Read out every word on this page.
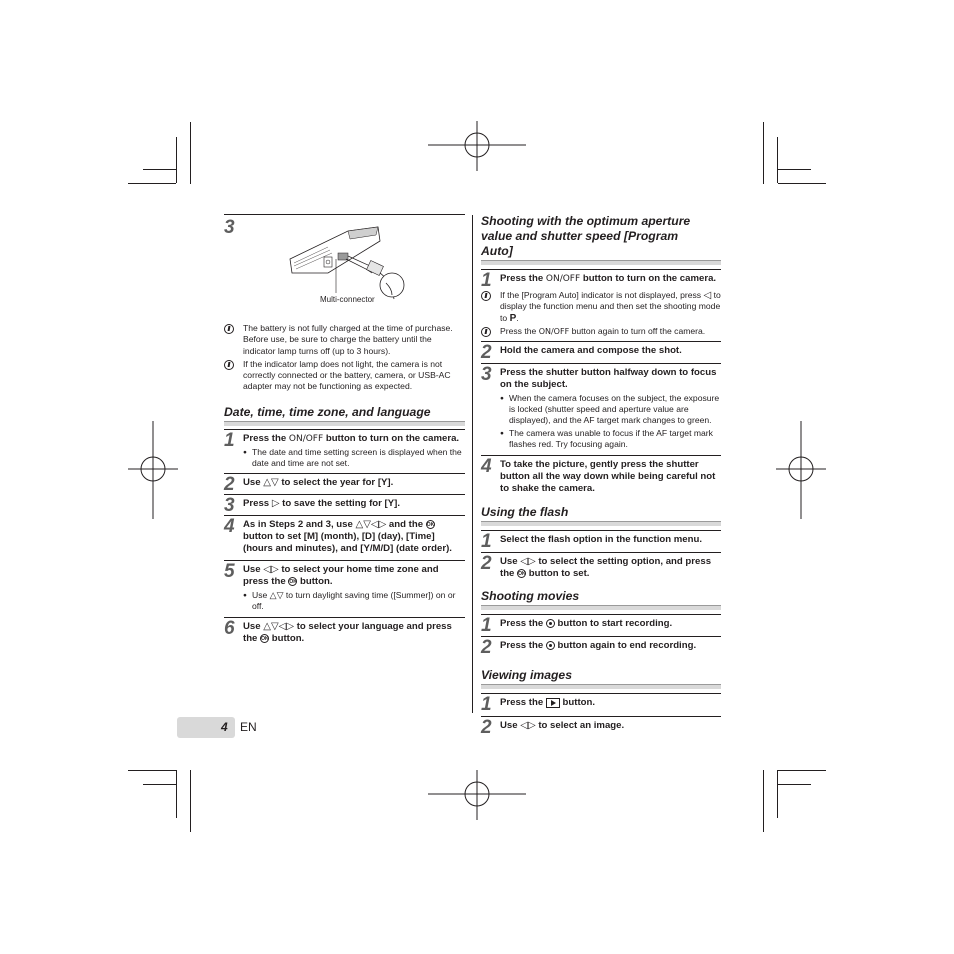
3
Multi-connector
The battery is not fully charged at the time of purchase. Before use, be sure to charge the battery until the indicator lamp turns off (up to 3 hours).
If the indicator lamp does not light, the camera is not correctly connected or the battery, camera, or USB-AC adapter may not be functioning as expected.
Date, time, time zone, and language
1 Press the ON/OFF button to turn on the camera.
● The date and time setting screen is displayed when the date and time are not set.
2 Use △▽ to select the year for [Y].
3 Press ▷ to save the setting for [Y].
4 As in Steps 2 and 3, use △▽◁▷ and the OK button to set [M] (month), [D] (day), [Time] (hours and minutes), and [Y/M/D] (date order).
5 Use ◁▷ to select your home time zone and press the OK button.
● Use △▽ to turn daylight saving time ([Summer]) on or off.
6 Use △▽◁▷ to select your language and press the OK button.
Shooting with the optimum aperture value and shutter speed [Program Auto]
1 Press the ON/OFF button to turn on the camera.
If the [Program Auto] indicator is not displayed, press ◁ to display the function menu and then set the shooting mode to P.
Press the ON/OFF button again to turn off the camera.
2 Hold the camera and compose the shot.
3 Press the shutter button halfway down to focus on the subject.
● When the camera focuses on the subject, the exposure is locked (shutter speed and aperture value are displayed), and the AF target mark changes to green.
● The camera was unable to focus if the AF target mark flashes red. Try focusing again.
4 To take the picture, gently press the shutter button all the way down while being careful not to shake the camera.
Using the flash
1 Select the flash option in the function menu.
2 Use ◁▷ to select the setting option, and press the OK button to set.
Shooting movies
1 Press the  button to start recording.
2 Press the  button again to end recording.
Viewing images
1 Press the  button.
2 Use ◁▷ to select an image.
4 EN
